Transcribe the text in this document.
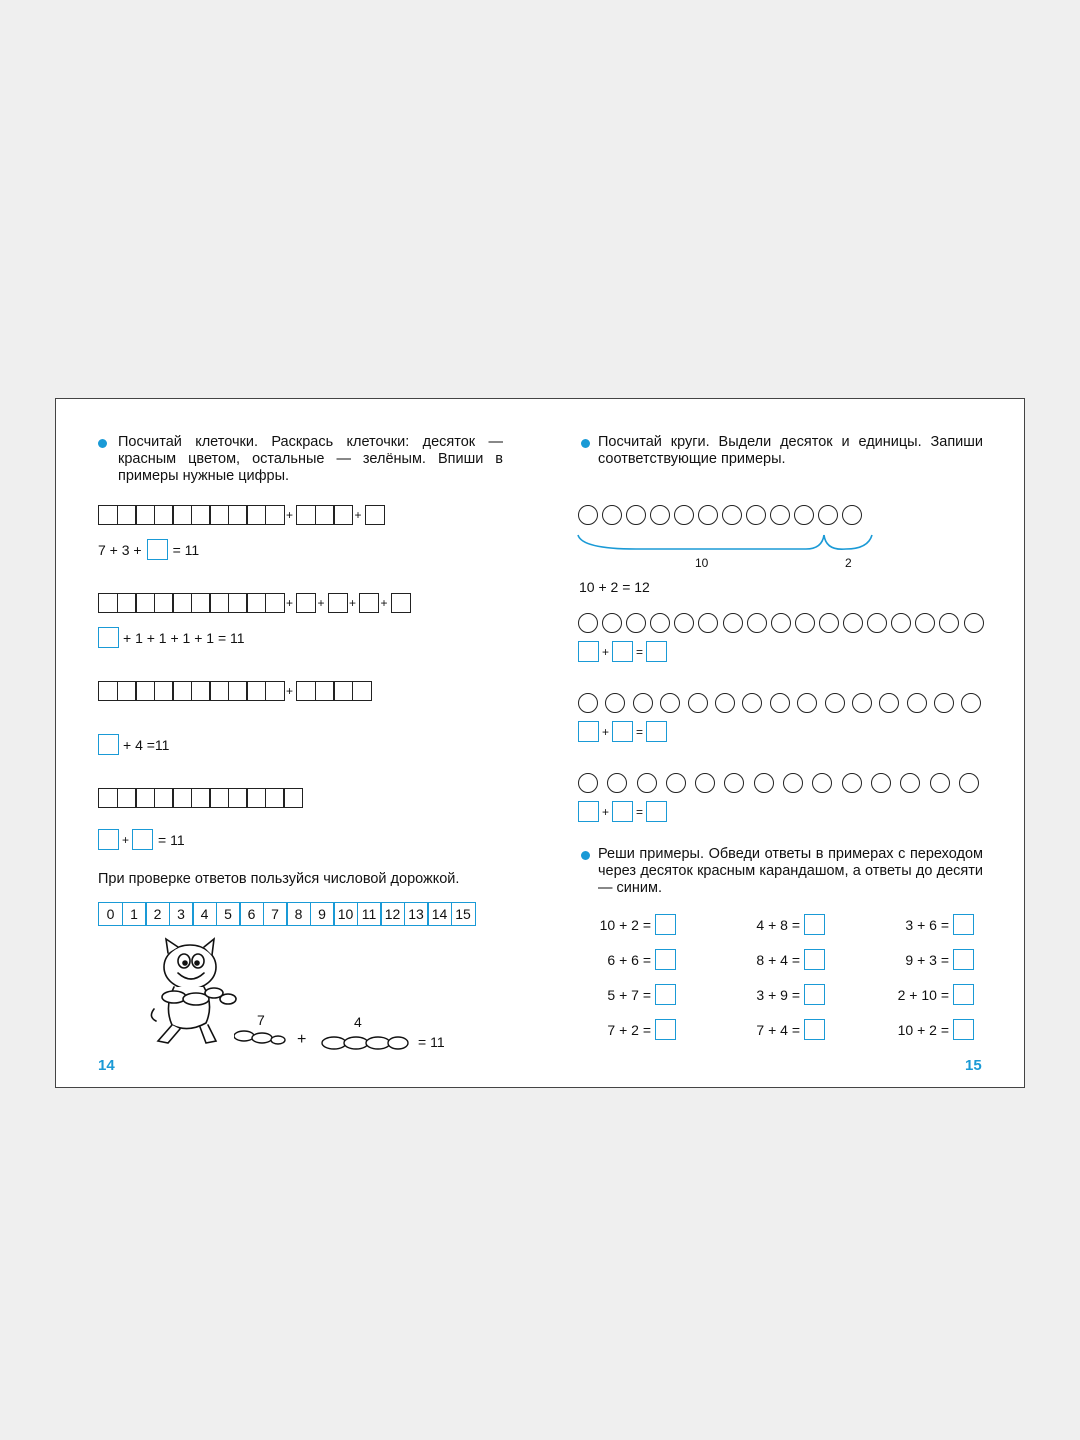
Посчитай клеточки. Раскрась клеточки: десяток — красным цветом, остальные — зелёным. Впиши в примеры нужные цифры.
+	+
7 + 3 + = 11
+ + + +
+ 1 + 1 + 1 + 1 = 11
+
+ 4 =11
+ = 11
При проверке ответов пользуйся числовой дорожкой.
0	1	2	3	4	5	6	7	8	9 10 11 12 13 14 15
7
+
4
= 11
14
Посчитай круги. Выдели десяток и единицы. Запиши соответствующие примеры.
10	2
10 + 2 = 12
+ =
+ =
+ =
Реши примеры. Обведи ответы в примерах с переходом через десяток красным карандашом, а ответы до десяти — синим.
10 + 2 =	4 + 8 =	3 + 6 =
6 + 6 =	8 + 4 =	9 + 3 =
5 + 7 =	3 + 9 =	2 + 10 =
7 + 2 =	7 + 4 =	10 + 2 =
15
